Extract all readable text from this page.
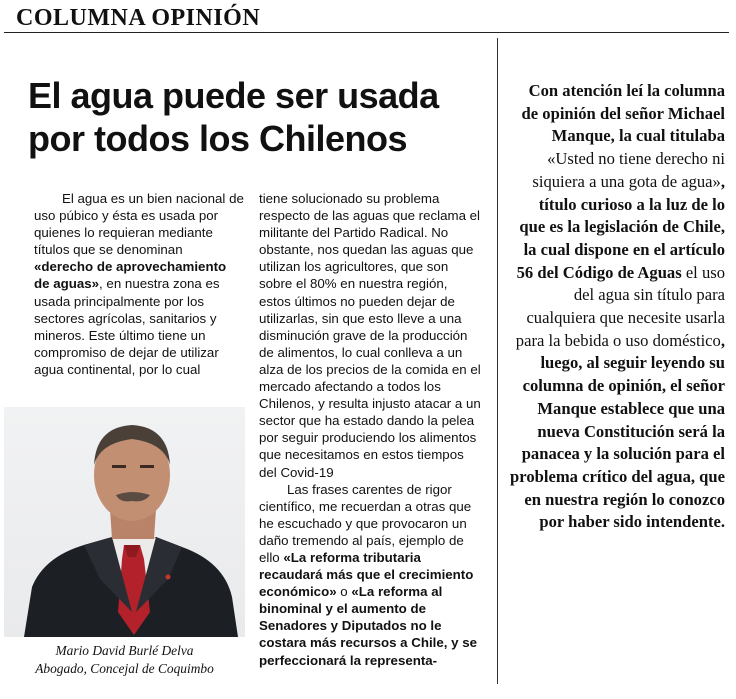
COLUMNA OPINIÓN
El agua puede ser usada
por todos los Chilenos

El agua es un bien nacional de uso púbico y ésta es usada por quienes lo requieran mediante títulos que se denominan «derecho de aprovechamiento de aguas», en nuestra zona es usada principalmente por los sectores agrícolas, sanitarios y mineros. Este último tiene un compromiso de dejar de utilizar agua continental, por lo cual

Mario David Burlé Delva
Abogado, Concejal de Coquimbo

tiene solucionado su problema respecto de las aguas que reclama el militante del Partido Radical. No obstante, nos quedan las aguas que utilizan los agricultores, que son sobre el 80% en nuestra región, estos últimos no pueden dejar de utilizarlas, sin que esto lleve a una disminución grave de la producción de alimentos, lo cual conlleva a un alza de los precios de la comida en el mercado afectando a todos los Chilenos, y resulta injusto atacar a un sector que ha estado dando la pelea por seguir produciendo los alimentos que necesitamos en estos tiempos del Covid-19

Las frases carentes de rigor científico, me recuerdan a otras que he escuchado y que provocaron un daño tremendo al país, ejemplo de ello «La reforma tributaria recaudará más que el crecimiento económico» o «La reforma al binominal y el aumento de Senadores y Diputados no le costara más recursos a Chile, y se perfeccionará la representa-

Con atención leí la columna de opinión del señor Michael Manque, la cual titulaba «Usted no tiene derecho ni siquiera a una gota de agua», título curioso a la luz de lo que es la legislación de Chile, la cual dispone en el artículo 56 del Código de Aguas el uso del agua sin título para cualquiera que necesite usarla para la bebida o uso doméstico, luego, al seguir leyendo su columna de opinión, el señor Manque establece que una nueva Constitución será la panacea y la solución para el problema crítico del agua, que en nuestra región lo conozco por haber sido intendente.
